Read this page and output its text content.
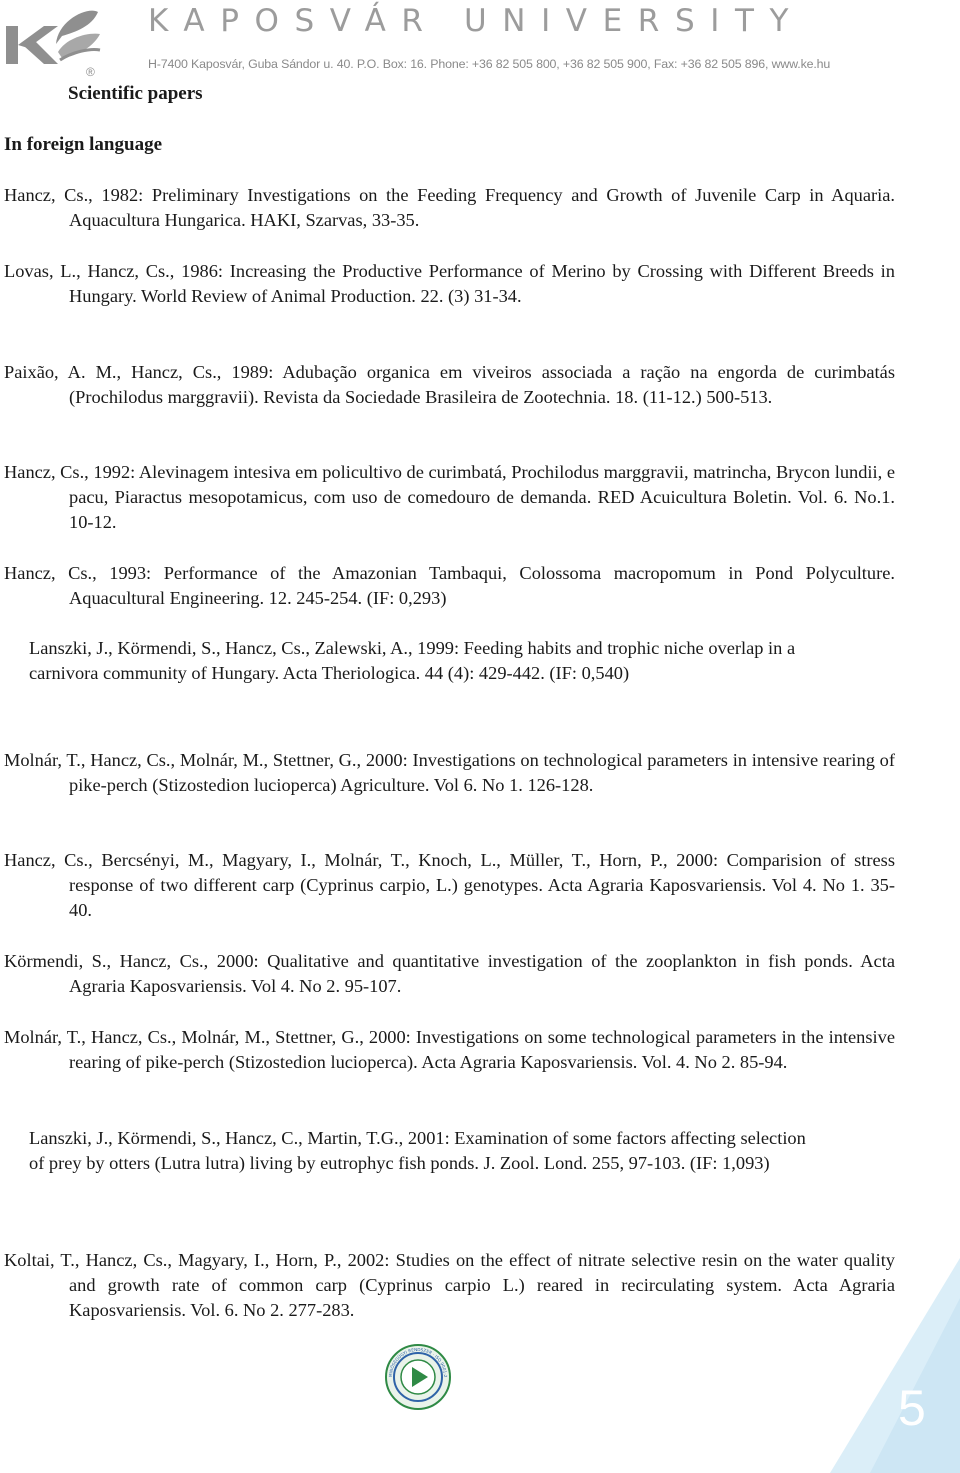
®
KAPOSVÁR UNIVERSITY
H-7400 Kaposvár, Guba Sándor u. 40. P.O. Box: 16. Phone: +36 82 505 800, +36 82 505 900, Fax: +36 82 505 896, www.ke.hu
Scientific papers
In foreign language

Hancz, Cs., 1982: Preliminary Investigations on the Feeding Frequency and Growth of Juvenile Carp in Aquaria. Aquacultura Hungarica. HAKI, Szarvas, 33-35.

Lovas, L., Hancz, Cs., 1986: Increasing the Productive Performance of Merino by Crossing with Different Breeds in Hungary. World Review of Animal Production. 22. (3) 31-34.

Paixão, A. M., Hancz, Cs., 1989: Adubação organica em viveiros associada a ração na engorda de curimbatás (Prochilodus marggravii). Revista da Sociedade Brasileira de Zootechnia. 18. (11-12.) 500-513.

Hancz, Cs., 1992: Alevinagem intesiva em policultivo de curimbatá, Prochilodus marggravii, matrincha, Brycon lundii, e pacu, Piaractus mesopotamicus, com uso de comedouro de demanda. RED Acuicultura Boletin. Vol. 6. No.1. 10-12.

Hancz, Cs., 1993: Performance of the Amazonian Tambaqui, Colossoma macropomum in Pond Polyculture. Aquacultural Engineering. 12. 245-254. (IF: 0,293)

Lanszki, J., Körmendi, S., Hancz, Cs., Zalewski, A., 1999: Feeding habits and trophic niche overlap in a carnivora community of Hungary. Acta Theriologica. 44 (4): 429-442. (IF: 0,540)

Molnár, T., Hancz, Cs., Molnár, M., Stettner, G., 2000: Investigations on technological parameters in intensive rearing of pike-perch (Stizostedion lucioperca) Agriculture. Vol 6. No 1. 126-128.

Hancz, Cs., Bercsényi, M., Magyary, I., Molnár, T., Knoch, L., Müller, T., Horn, P., 2000: Comparision of stress response of two different carp (Cyprinus carpio, L.) genotypes. Acta Agraria Kaposvariensis. Vol 4. No 1. 35-40.

Körmendi, S., Hancz, Cs., 2000: Qualitative and quantitative investigation of the zooplankton in fish ponds. Acta Agraria Kaposvariensis. Vol 4. No 2. 95-107.

Molnár, T., Hancz, Cs., Molnár, M., Stettner, G., 2000: Investigations on some technological parameters in the intensive rearing of pike-perch (Stizostedion lucioperca). Acta Agraria Kaposvariensis. Vol. 4. No 2. 85-94.

Lanszki, J., Körmendi, S., Hancz, C., Martin, T.G., 2001: Examination of some factors affecting selection of prey by otters (Lutra lutra) living by eutrophyc fish ponds. J. Zool. Lond. 255, 97-103. (IF: 1,093)

Koltai, T., Hancz, Cs., Magyary, I., Horn, P., 2002: Studies on the effect of nitrate selective resin on the water quality and growth rate of common carp (Cyprinus carpio L.) reared in recirculating system. Acta Agraria Kaposvariensis. Vol. 6. No 2. 277-283.

MINŐSÉGÜGYI RENDSZER · ISO 9001:2
5
